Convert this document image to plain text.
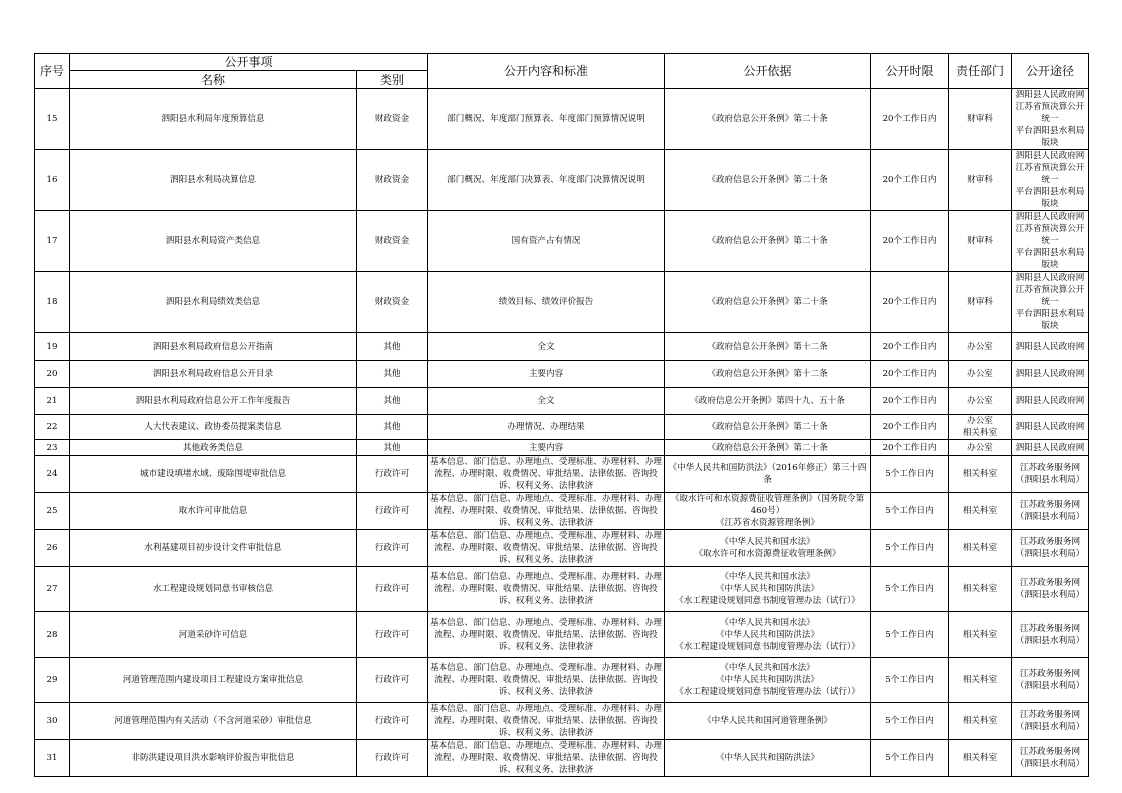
序号	公开事项		公开内容和标准	公开依据	公开时限	责任部门	公开途径
	名称	类别					

15	泗阳县水利局年度预算信息	财政资金	部门概况、年度部门预算表、年度部门预算情况说明	《政府信息公开条例》第二十条	20个工作日内	财审科	泗阳县人民政府网
江苏省预决算公开统一
平台泗阳县水利局版块

16	泗阳县水利局决算信息	财政资金	部门概况、年度部门决算表、年度部门决算情况说明	《政府信息公开条例》第二十条	20个工作日内	财审科	泗阳县人民政府网
江苏省预决算公开统一
平台泗阳县水利局版块

17	泗阳县水利局资产类信息	财政资金	国有资产占有情况	《政府信息公开条例》第二十条	20个工作日内	财审科	泗阳县人民政府网
江苏省预决算公开统一
平台泗阳县水利局版块

18	泗阳县水利局绩效类信息	财政资金	绩效目标、绩效评价报告	《政府信息公开条例》第二十条	20个工作日内	财审科	泗阳县人民政府网
江苏省预决算公开统一
平台泗阳县水利局版块

19	泗阳县水利局政府信息公开指南	其他	全文	《政府信息公开条例》第十二条	20个工作日内	办公室	泗阳县人民政府网

20	泗阳县水利局政府信息公开目录	其他	主要内容	《政府信息公开条例》第十二条	20个工作日内	办公室	泗阳县人民政府网

21	泗阳县水利局政府信息公开工作年度报告	其他	全文	《政府信息公开条例》第四十九、五十条	20个工作日内	办公室	泗阳县人民政府网

22	人大代表建议、政协委员提案类信息	其他	办理情况、办理结果	《政府信息公开条例》第二十条	20个工作日内	办公室
相关科室	泗阳县人民政府网

23	其他政务类信息	其他	主要内容	《政府信息公开条例》第二十条	20个工作日内	办公室	泗阳县人民政府网

24	城市建设填堵水域、废除围堤审批信息	行政许可	基本信息、部门信息、办理地点、受理标准、办理材料、办理流程、办理时限、收费情况、审批结果、法律依据、咨询投诉、权利义务、法律救济	《中华人民共和国防洪法》（2016年修正）第三十四条	5个工作日内	相关科室	江苏政务服务网
（泗阳县水利局）

25	取水许可审批信息	行政许可	基本信息、部门信息、办理地点、受理标准、办理材料、办理流程、办理时限、收费情况、审批结果、法律依据、咨询投诉、权利义务、法律救济	《取水许可和水资源费征收管理条例》（国务院令第460号）
《江苏省水资源管理条例》	5个工作日内	相关科室	江苏政务服务网
（泗阳县水利局）

26	水利基建项目初步设计文件审批信息	行政许可	基本信息、部门信息、办理地点、受理标准、办理材料、办理流程、办理时限、收费情况、审批结果、法律依据、咨询投诉、权利义务、法律救济	《中华人民共和国水法》
《取水许可和水资源费征收管理条例》	5个工作日内	相关科室	江苏政务服务网
（泗阳县水利局）

27	水工程建设规划同意书审核信息	行政许可	基本信息、部门信息、办理地点、受理标准、办理材料、办理流程、办理时限、收费情况、审批结果、法律依据、咨询投诉、权利义务、法律救济	《中华人民共和国水法》
《中华人民共和国防洪法》
《水工程建设规划同意书制度管理办法（试行）》	5个工作日内	相关科室	江苏政务服务网
（泗阳县水利局）

28	河道采砂许可信息	行政许可	基本信息、部门信息、办理地点、受理标准、办理材料、办理流程、办理时限、收费情况、审批结果、法律依据、咨询投诉、权利义务、法律救济	《中华人民共和国水法》
《中华人民共和国防洪法》
《水工程建设规划同意书制度管理办法（试行）》	5个工作日内	相关科室	江苏政务服务网
（泗阳县水利局）

29	河道管理范围内建设项目工程建设方案审批信息	行政许可	基本信息、部门信息、办理地点、受理标准、办理材料、办理流程、办理时限、收费情况、审批结果、法律依据、咨询投诉、权利义务、法律救济	《中华人民共和国水法》
《中华人民共和国防洪法》
《水工程建设规划同意书制度管理办法（试行）》	5个工作日内	相关科室	江苏政务服务网
（泗阳县水利局）

30	河道管理范围内有关活动（不含河道采砂）审批信息	行政许可	基本信息、部门信息、办理地点、受理标准、办理材料、办理流程、办理时限、收费情况、审批结果、法律依据、咨询投诉、权利义务、法律救济	《中华人民共和国河道管理条例》	5个工作日内	相关科室	江苏政务服务网
（泗阳县水利局）

31	非防洪建设项目洪水影响评价报告审批信息	行政许可	基本信息、部门信息、办理地点、受理标准、办理材料、办理流程、办理时限、收费情况、审批结果、法律依据、咨询投诉、权利义务、法律救济	《中华人民共和国防洪法》	5个工作日内	相关科室	江苏政务服务网
（泗阳县水利局）
